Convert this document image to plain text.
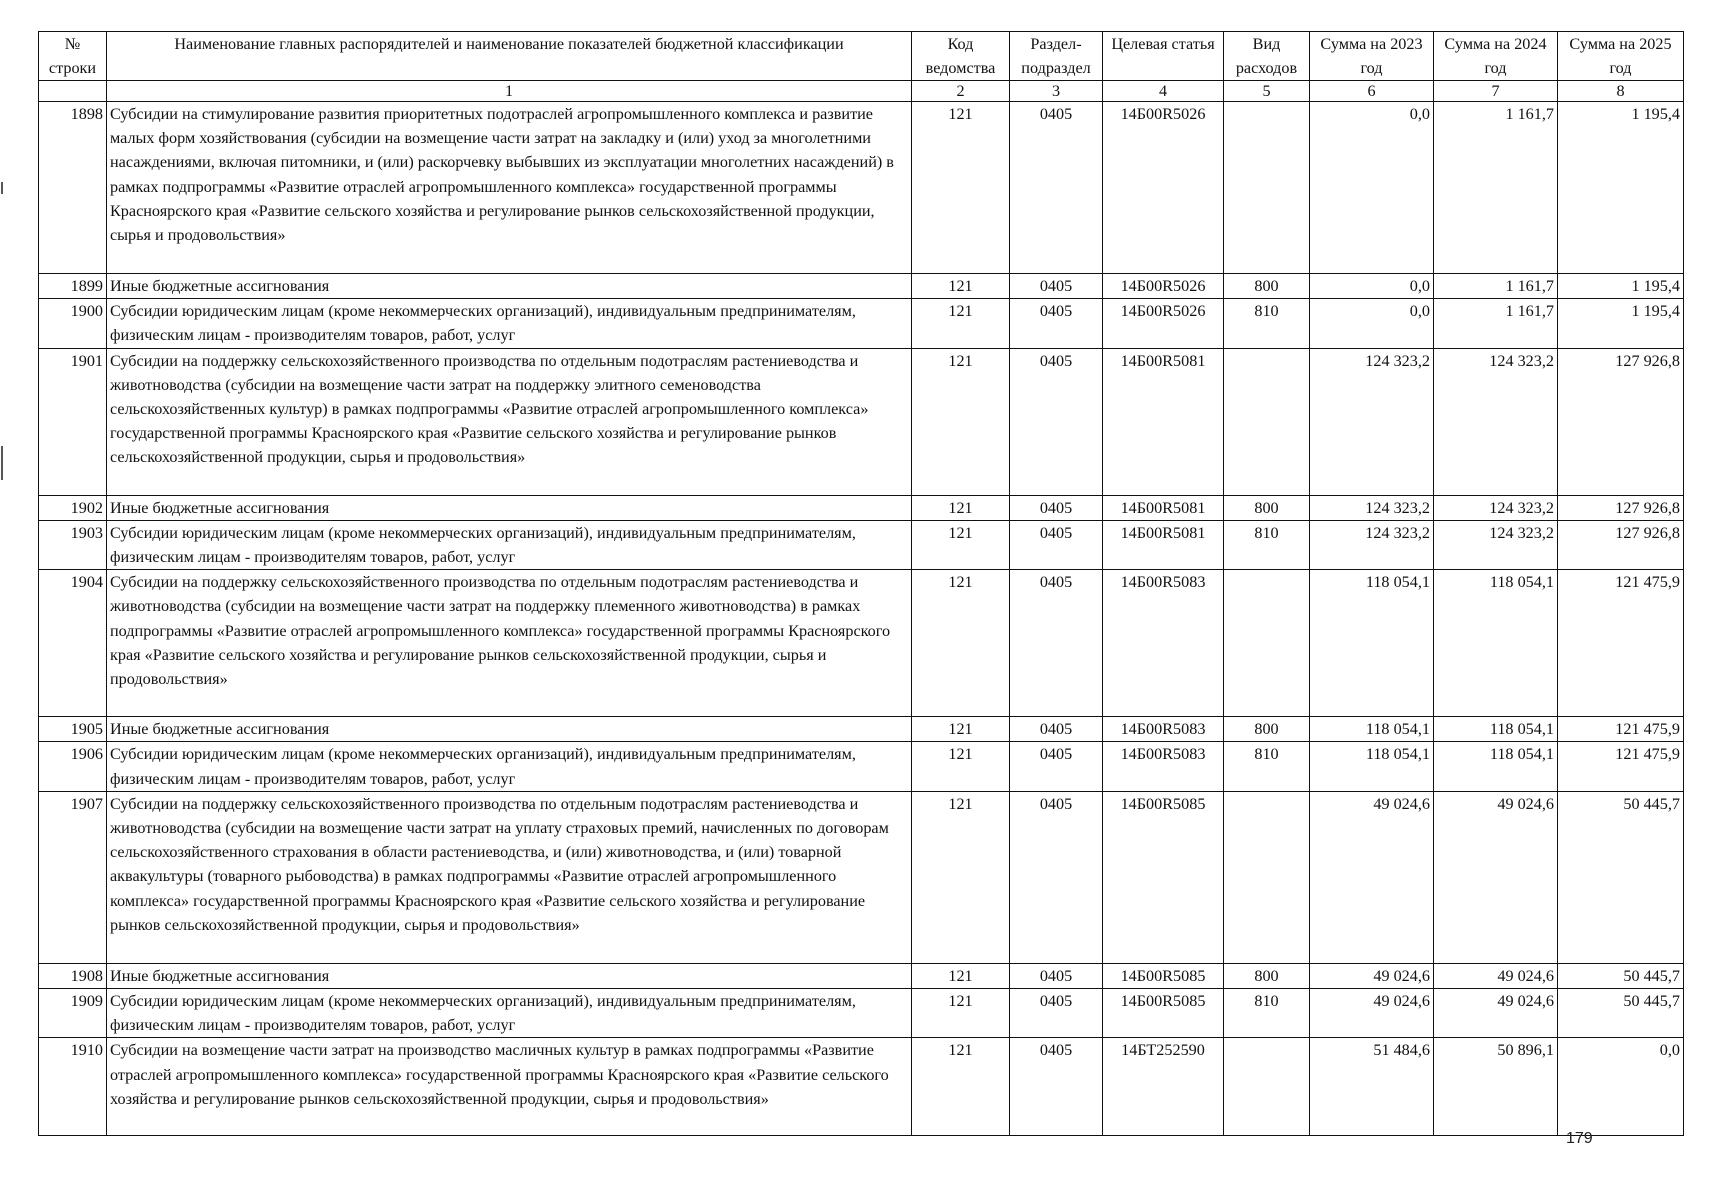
№ строки	Наименование главных распорядителей и наименование показателей бюджетной классификации	Код ведомства	Раздел-подраздел	Целевая статья	Вид расходов	Сумма на 2023 год	Сумма на 2024 год	Сумма на 2025 год
	1	2	3	4	5	6	7	8
1898	Субсидии на стимулирование развития приоритетных подотраслей агропромышленного комплекса и развитие малых форм хозяйствования (субсидии на возмещение части затрат на закладку и (или) уход за многолетними насаждениями, включая питомники, и (или) раскорчевку выбывших из эксплуатации многолетних насаждений) в рамках подпрограммы «Развитие отраслей агропромышленного комплекса» государственной программы Красноярского края «Развитие сельского хозяйства и регулирование рынков сельскохозяйственной продукции, сырья и продовольствия»	121	0405	14Б00R5026		0,0	1 161,7	1 195,4
1899	Иные бюджетные ассигнования	121	0405	14Б00R5026	800	0,0	1 161,7	1 195,4
1900	Субсидии юридическим лицам (кроме некоммерческих организаций), индивидуальным предпринимателям, физическим лицам - производителям товаров, работ, услуг	121	0405	14Б00R5026	810	0,0	1 161,7	1 195,4
1901	Субсидии на поддержку сельскохозяйственного производства по отдельным подотраслям растениеводства и животноводства (субсидии на возмещение части затрат на поддержку элитного семеноводства сельскохозяйственных культур) в рамках подпрограммы «Развитие отраслей агропромышленного комплекса» государственной программы Красноярского края «Развитие сельского хозяйства и регулирование рынков сельскохозяйственной продукции, сырья и продовольствия»	121	0405	14Б00R5081		124 323,2	124 323,2	127 926,8
1902	Иные бюджетные ассигнования	121	0405	14Б00R5081	800	124 323,2	124 323,2	127 926,8
1903	Субсидии юридическим лицам (кроме некоммерческих организаций), индивидуальным предпринимателям, физическим лицам - производителям товаров, работ, услуг	121	0405	14Б00R5081	810	124 323,2	124 323,2	127 926,8
1904	Субсидии на поддержку сельскохозяйственного производства по отдельным подотраслям растениеводства и животноводства (субсидии на возмещение части затрат на поддержку племенного животноводства) в рамках подпрограммы «Развитие отраслей агропромышленного комплекса» государственной программы Красноярского края «Развитие сельского хозяйства и регулирование рынков сельскохозяйственной продукции, сырья и продовольствия»	121	0405	14Б00R5083		118 054,1	118 054,1	121 475,9
1905	Иные бюджетные ассигнования	121	0405	14Б00R5083	800	118 054,1	118 054,1	121 475,9
1906	Субсидии юридическим лицам (кроме некоммерческих организаций), индивидуальным предпринимателям, физическим лицам - производителям товаров, работ, услуг	121	0405	14Б00R5083	810	118 054,1	118 054,1	121 475,9
1907	Субсидии на поддержку сельскохозяйственного производства по отдельным подотраслям растениеводства и животноводства (субсидии на возмещение части затрат на уплату страховых премий, начисленных по договорам сельскохозяйственного страхования в области растениеводства, и (или) животноводства, и (или) товарной аквакультуры (товарного рыбоводства) в рамках подпрограммы «Развитие отраслей агропромышленного комплекса» государственной программы Красноярского края «Развитие сельского хозяйства и регулирование рынков сельскохозяйственной продукции, сырья и продовольствия»	121	0405	14Б00R5085		49 024,6	49 024,6	50 445,7
1908	Иные бюджетные ассигнования	121	0405	14Б00R5085	800	49 024,6	49 024,6	50 445,7
1909	Субсидии юридическим лицам (кроме некоммерческих организаций), индивидуальным предпринимателям, физическим лицам - производителям товаров, работ, услуг	121	0405	14Б00R5085	810	49 024,6	49 024,6	50 445,7
1910	Субсидии на возмещение части затрат на производство масличных культур в рамках подпрограммы «Развитие отраслей агропромышленного комплекса» государственной программы Красноярского края «Развитие сельского хозяйства и регулирование рынков сельскохозяйственной продукции, сырья и продовольствия»	121	0405	14БТ252590		51 484,6	50 896,1	0,0
179
